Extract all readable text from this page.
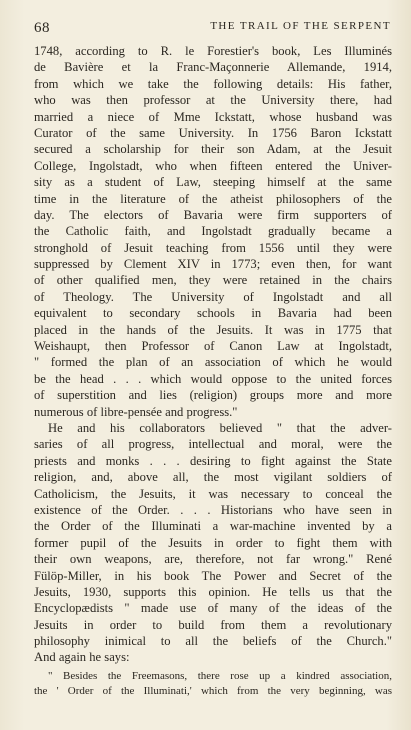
68	THE TRAIL OF THE SERPENT
1748, according to R. le Forestier's book, Les Illuminés
de Bavière et la Franc-Maçonnerie Allemande, 1914,
from which we take the following details: His father,
who was then professor at the University there, had
married a niece of Mme Ickstatt, whose husband was
Curator of the same University. In 1756 Baron Ickstatt
secured a scholarship for their son Adam, at the Jesuit
College, Ingolstadt, who when fifteen entered the Univer-
sity as a student of Law, steeping himself at the same
time in the literature of the atheist philosophers of the
day. The electors of Bavaria were firm supporters of
the Catholic faith, and Ingolstadt gradually became a
stronghold of Jesuit teaching from 1556 until they were
suppressed by Clement XIV in 1773; even then, for want
of other qualified men, they were retained in the chairs
of Theology. The University of Ingolstadt and all
equivalent to secondary schools in Bavaria had been
placed in the hands of the Jesuits. It was in 1775 that
Weishaupt, then Professor of Canon Law at Ingolstadt,
" formed the plan of an association of which he would
be the head . . . which would oppose to the united forces
of superstition and lies (religion) groups more and more
numerous of libre-pensée and progress."
He and his collaborators believed " that the adver-
saries of all progress, intellectual and moral, were the
priests and monks . . . desiring to fight against the State
religion, and, above all, the most vigilant soldiers of
Catholicism, the Jesuits, it was necessary to conceal the
existence of the Order. . . . Historians who have seen in
the Order of the Illuminati a war-machine invented by a
former pupil of the Jesuits in order to fight them with
their own weapons, are, therefore, not far wrong." René
Fülöp-Miller, in his book The Power and Secret of the
Jesuits, 1930, supports this opinion. He tells us that the
Encyclopædists " made use of many of the ideas of the
Jesuits in order to build from them a revolutionary
philosophy inimical to all the beliefs of the Church."
And again he says:
" Besides the Freemasons, there rose up a kindred association,
the ' Order of the Illuminati,' which from the very beginning, was
